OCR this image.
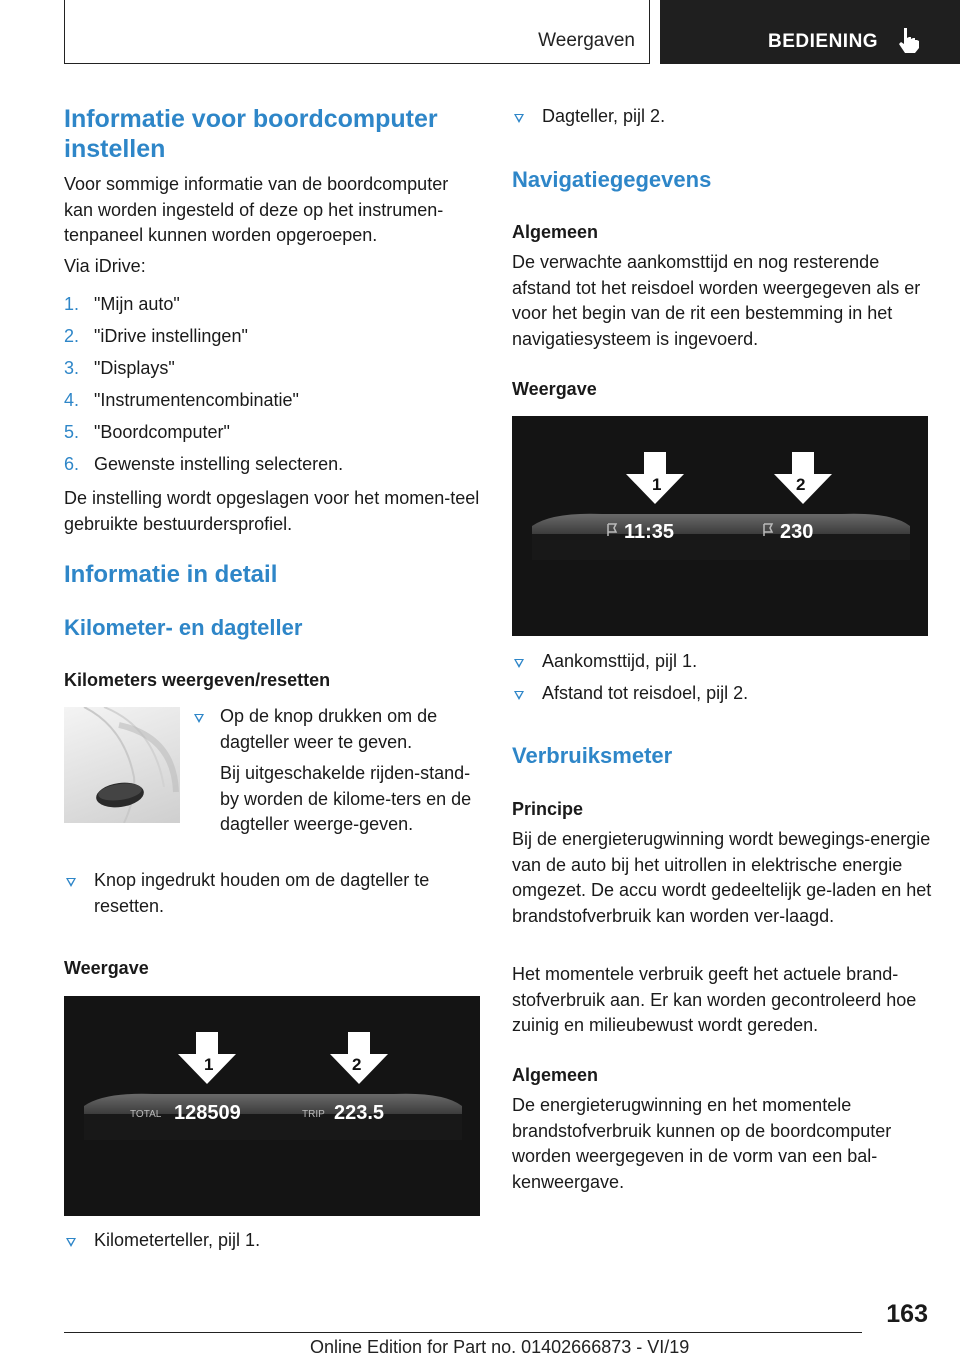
Weergaven	BEDIENING
Informatie voor boordcomputer instellen
Voor sommige informatie van de boordcomputer kan worden ingesteld of deze op het instrumen-tenpaneel kunnen worden opgeroepen.
Via iDrive:
1. "Mijn auto"
2. "iDrive instellingen"
3. "Displays"
4. "Instrumentencombinatie"
5. "Boordcomputer"
6. Gewenste instelling selecteren.
De instelling wordt opgeslagen voor het momen-teel gebruikte bestuurdersprofiel.
Informatie in detail
Kilometer- en dagteller
Kilometers weergeven/resetten
Op de knop drukken om de dagteller weer te geven.
Bij uitgeschakelde rijden-stand-by worden de kilome-ters en de dagteller weerge-geven.
Knop ingedrukt houden om de dagteller te resetten.
Weergave
1	2
TOTAL 128509	TRIP 223.5
Kilometerteller, pijl 1.
Dagteller, pijl 2.
Navigatiegegevens
Algemeen
De verwachte aankomsttijd en nog resterende afstand tot het reisdoel worden weergegeven als er voor het begin van de rit een bestemming in het navigatiesysteem is ingevoerd.
Weergave
1	2
11:35	230
Aankomsttijd, pijl 1.
Afstand tot reisdoel, pijl 2.
Verbruiksmeter
Principe
Bij de energieterugwinning wordt bewegings-energie van de auto bij het uitrollen in elektrische energie omgezet. De accu wordt gedeeltelijk ge-laden en het brandstofverbruik kan worden ver-laagd.
Het momentele verbruik geeft het actuele brand-stofverbruik aan. Er kan worden gecontroleerd hoe zuinig en milieubewust wordt gereden.
Algemeen
De energieterugwinning en het momentele brandstofverbruik kunnen op de boordcomputer worden weergegeven in de vorm van een bal-kenweergave.
163
Online Edition for Part no. 01402666873 - VI/19
